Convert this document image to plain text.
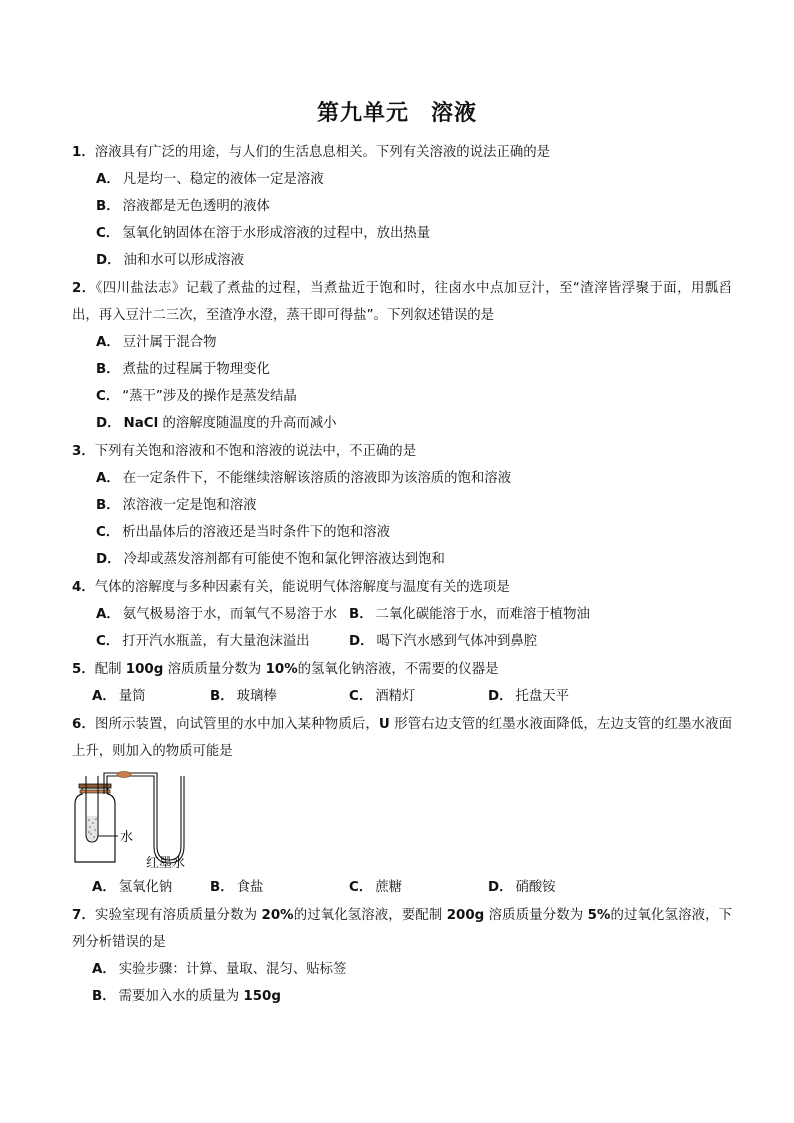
第九单元 溶液
1．溶液具有广泛的用途，与人们的生活息息相关。下列有关溶液的说法正确的是
A． 凡是均一、稳定的液体一定是溶液
B． 溶液都是无色透明的液体
C． 氢氧化钠固体在溶于水形成溶液的过程中，放出热量
D． 油和水可以形成溶液
2．《四川盐法志》记载了煮盐的过程，当煮盐近于饱和时，往卤水中点加豆汁，至“渣滓皆浮聚于面，用瓢舀出，再入豆汁二三次，至渣净水澄，蒸干即可得盐”。下列叙述错误的是
A． 豆汁属于混合物
B． 煮盐的过程属于物理变化
C． “蒸干”涉及的操作是蒸发结晶
D． NaCl 的溶解度随温度的升高而减小
3．下列有关饱和溶液和不饱和溶液的说法中，不正确的是
A． 在一定条件下，不能继续溶解该溶质的溶液即为该溶质的饱和溶液
B． 浓溶液一定是饱和溶液
C． 析出晶体后的溶液还是当时条件下的饱和溶液
D． 冷却或蒸发溶剂都有可能使不饱和氯化钾溶液达到饱和
4．气体的溶解度与多种因素有关，能说明气体溶解度与温度有关的选项是
A． 氨气极易溶于水，而氧气不易溶于水 B． 二氧化碳能溶于水，而难溶于植物油
C． 打开汽水瓶盖，有大量泡沫溢出	D． 喝下汽水感到气体冲到鼻腔
5．配制 100g 溶质质量分数为 10%的氢氧化钠溶液，不需要的仪器是
A． 量筒	B． 玻璃棒	C． 酒精灯	D． 托盘天平
6．图所示装置，向试管里的水中加入某种物质后，U 形管右边支管的红墨水液面降低，左边支管的红墨水液面上升，则加入的物质可能是
水
红墨水
A． 氢氧化钠	B． 食盐	C． 蔗糖	D． 硝酸铵
7．实验室现有溶质质量分数为 20%的过氧化氢溶液，要配制 200g 溶质质量分数为 5%的过氧化氢溶液，下列分析错误的是
A． 实验步骤：计算、量取、混匀、贴标签
B． 需要加入水的质量为 150g
